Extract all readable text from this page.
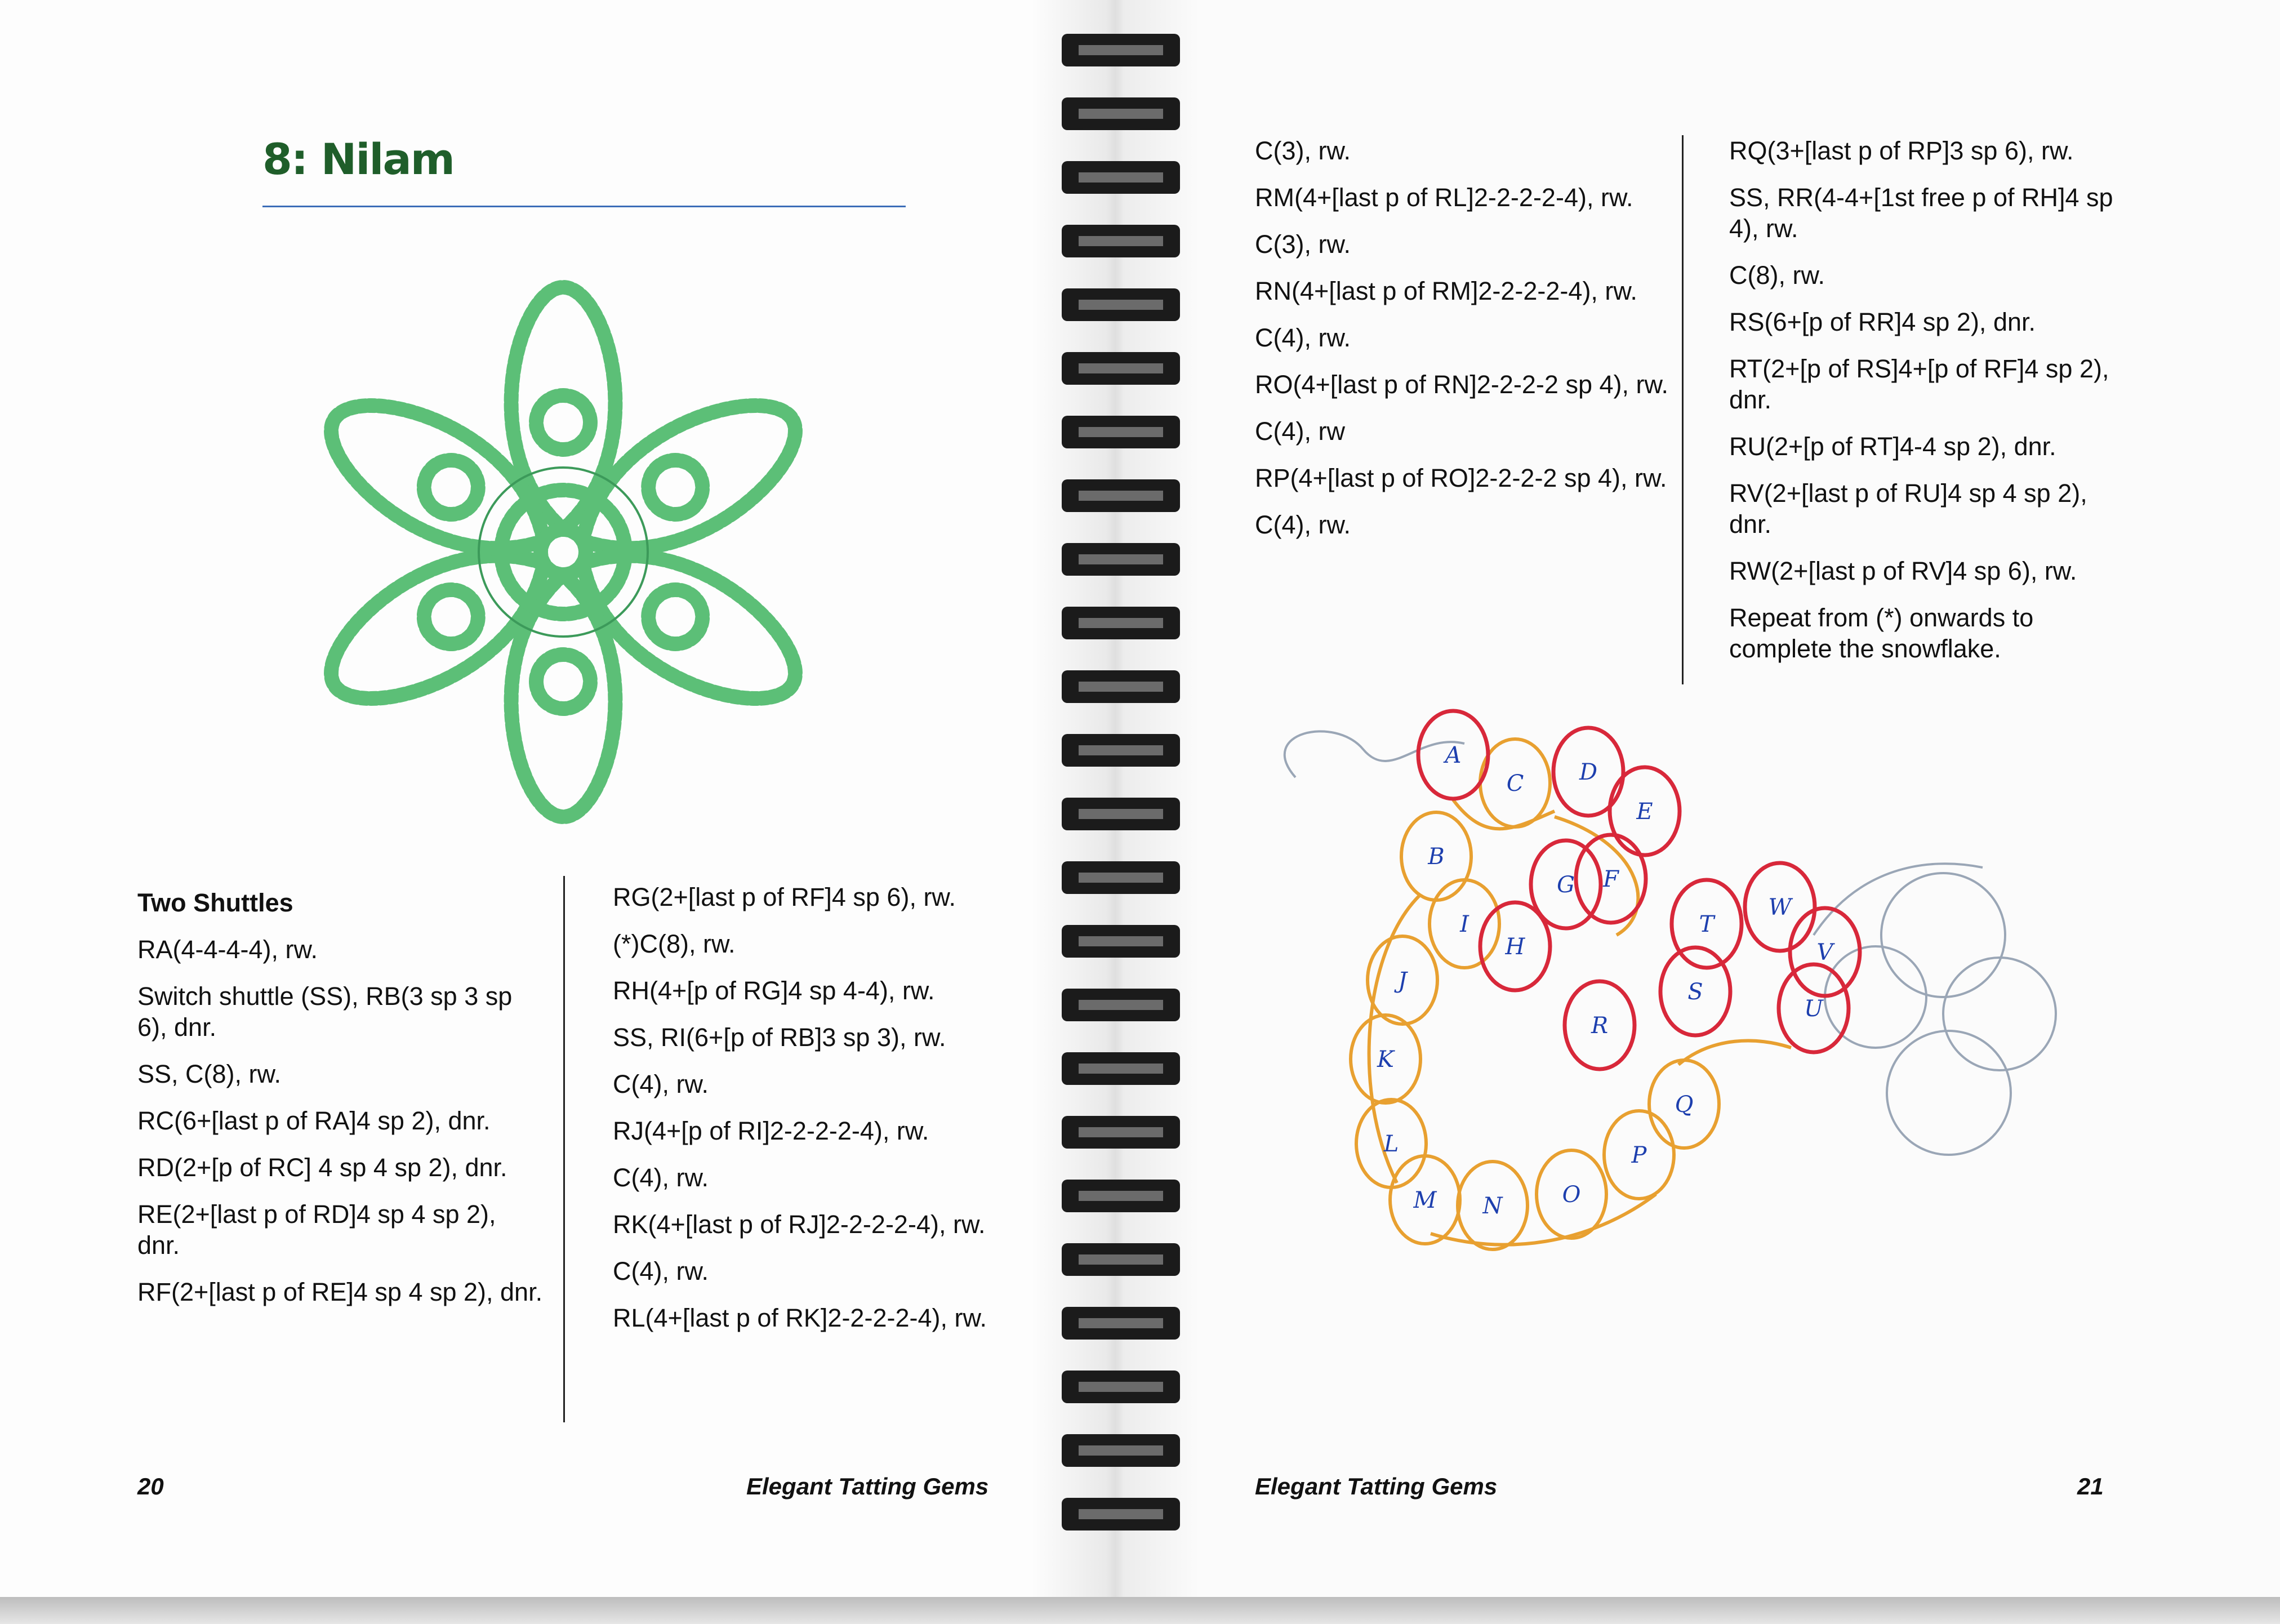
8: Nilam

Two Shuttles

RA(4-4-4-4), rw.

Switch shuttle (SS), RB(3 sp 3 sp 6), dnr.

SS, C(8), rw.

RC(6+[last p of RA]4 sp 2), dnr.

RD(2+[p of RC] 4 sp 4 sp 2), dnr.

RE(2+[last p of RD]4 sp 4 sp 2), dnr.

RF(2+[last p of RE]4 sp 4 sp 2), dnr.

RG(2+[last p of RF]4 sp 6), rw.

(*)C(8), rw.

RH(4+[p of RG]4 sp 4-4), rw.

SS, RI(6+[p of RB]3 sp 3), rw.

C(4), rw.

RJ(4+[p of RI]2-2-2-2-4), rw.

C(4), rw.

RK(4+[last p of RJ]2-2-2-2-4), rw.

C(4), rw.

RL(4+[last p of RK]2-2-2-2-4), rw.

20	Elegant Tatting Gems

C(3), rw.

RM(4+[last p of RL]2-2-2-2-4), rw.

C(3), rw.

RN(4+[last p of RM]2-2-2-2-4), rw.

C(4), rw.

RO(4+[last p of RN]2-2-2-2 sp 4), rw.

C(4), rw

RP(4+[last p of RO]2-2-2-2 sp 4), rw.

C(4), rw.

RQ(3+[last p of RP]3 sp 6), rw.

SS, RR(4-4+[1st free p of RH]4 sp 4), rw.

C(8), rw.

RS(6+[p of RR]4 sp 2), dnr.

RT(2+[p of RS]4+[p of RF]4 sp 2), dnr.

RU(2+[p of RT]4-4 sp 2), dnr.

RV(2+[last p of RU]4 sp 4 sp 2), dnr.

RW(2+[last p of RV]4 sp 6), rw.

Repeat from (*) onwards to complete the snowflake.

A
B
C D
E
F
G
H
I
J
K
L
M N	O
P
Q
R
S
T
U
V
W
Elegant Tatting Gems	21
